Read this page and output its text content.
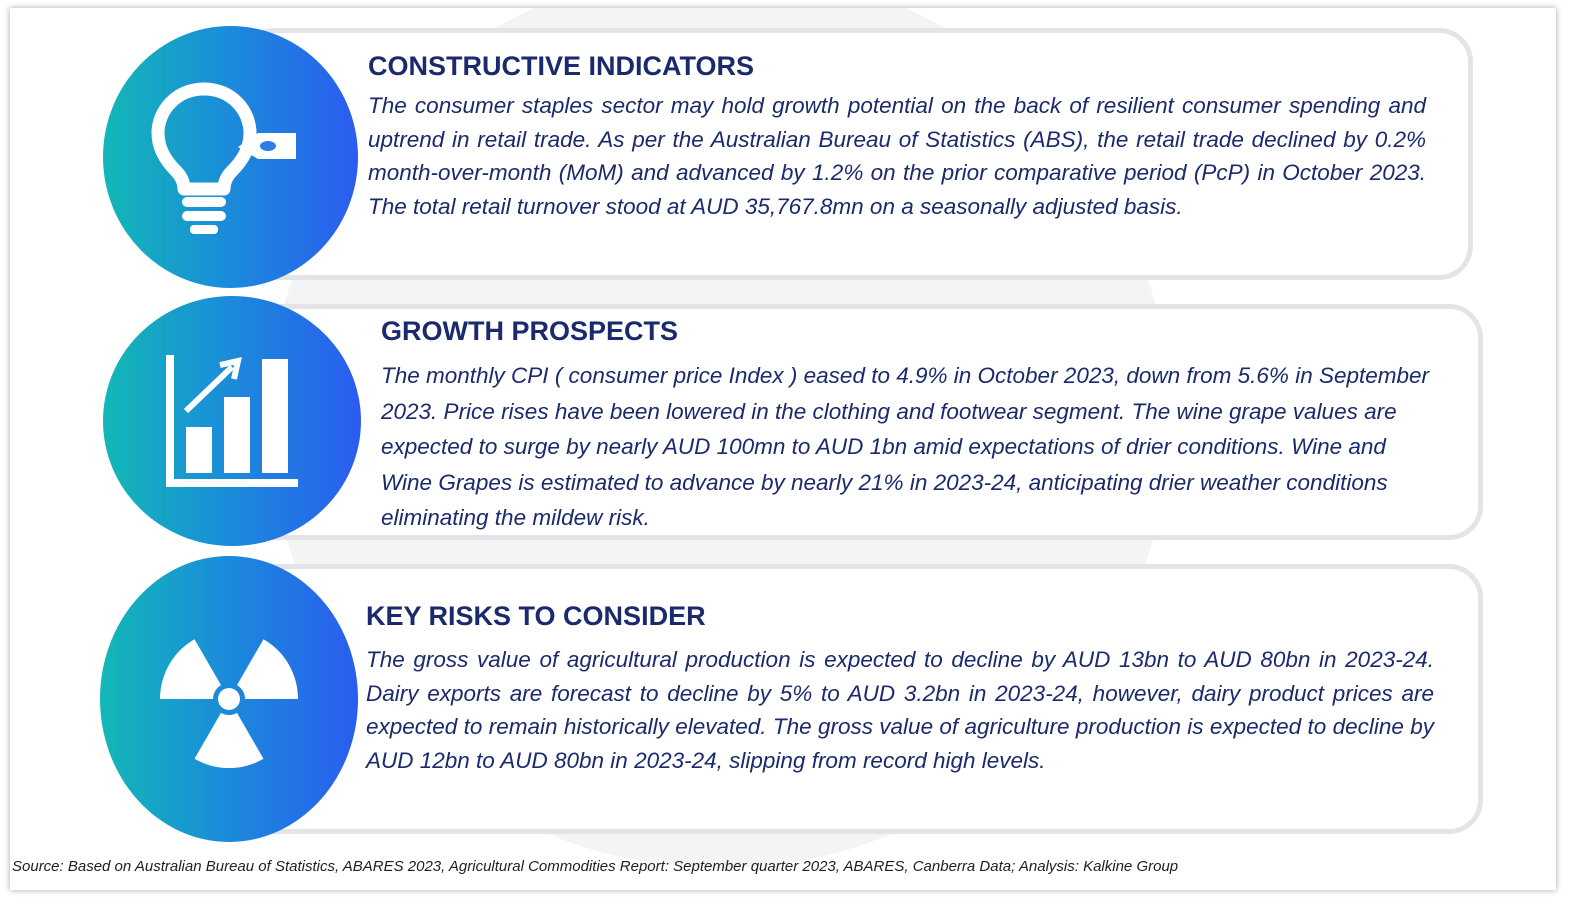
CONSTRUCTIVE INDICATORS

The consumer staples sector may hold growth potential on the back of resilient consumer spending and uptrend in retail trade. As per the Australian Bureau of Statistics (ABS), the retail trade declined by 0.2% month-over-month (MoM) and advanced by 1.2% on the prior comparative period (PcP) in October 2023. The total retail turnover stood at AUD 35,767.8mn on a seasonally adjusted basis.

GROWTH PROSPECTS

The monthly CPI ( consumer price Index ) eased to 4.9% in October 2023, down from 5.6% in September 2023. Price rises have been lowered in the clothing and footwear segment. The wine grape values are expected to surge by nearly AUD 100mn to AUD 1bn amid expectations of drier conditions. Wine and Wine Grapes is estimated to advance by nearly 21% in 2023-24, anticipating drier weather conditions eliminating the mildew risk.

KEY RISKS TO CONSIDER

The gross value of agricultural production is expected to decline by AUD 13bn to AUD 80bn in 2023-24. Dairy exports are forecast to decline by 5% to AUD 3.2bn in 2023-24, however, dairy product prices are expected to remain historically elevated. The gross value of agriculture production is expected to decline by AUD 12bn to AUD 80bn in 2023-24, slipping from record high levels.

Source: Based on Australian Bureau of Statistics, ABARES 2023, Agricultural Commodities Report: September quarter 2023, ABARES, Canberra Data; Analysis: Kalkine Group
